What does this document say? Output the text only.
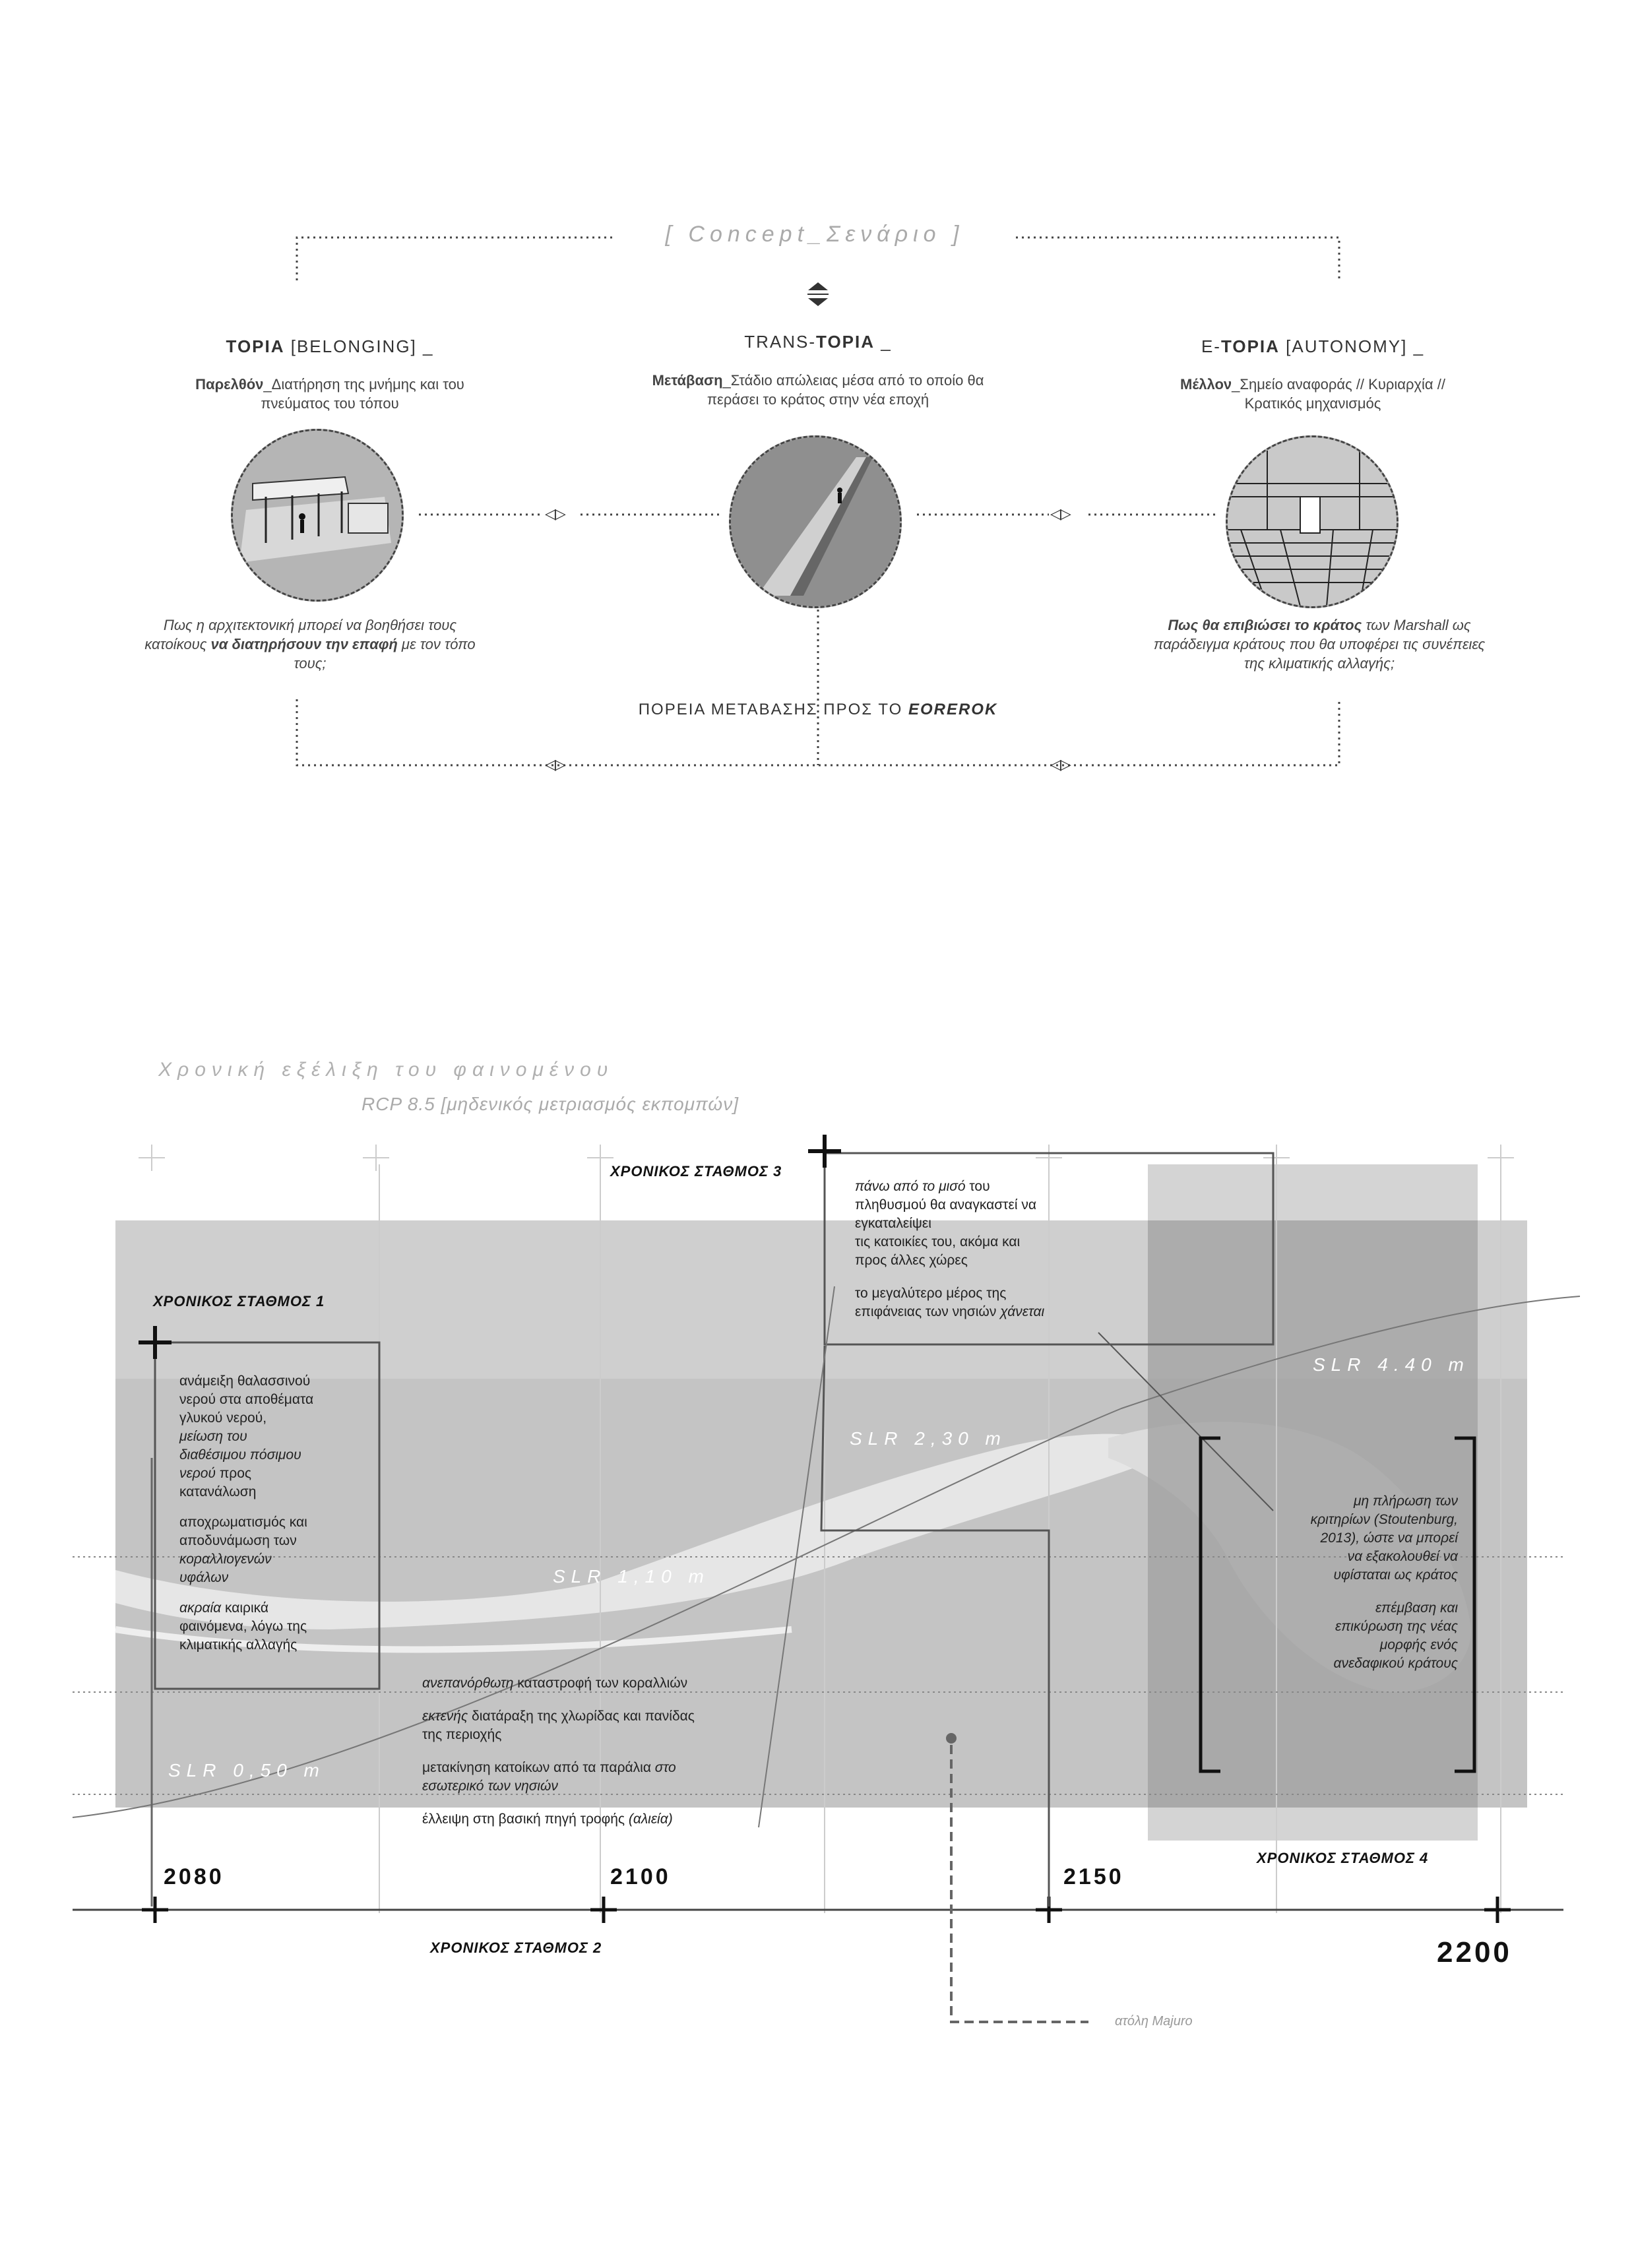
[ Concept_Σενάριο ]
◁▷	◁▷
◁▷	◁▷
TOPIA [BELONGING] _
Παρελθόν_Διατήρηση της μνήμης και του πνεύματος του τόπου
Πως η αρχιτεκτονική μπορεί να βοηθήσει τους κατοίκους να διατηρήσουν την επαφή με τον τόπο τους;
TRANS-TOPIA _
Μετάβαση_Στάδιο απώλειας μέσα από το οποίο θα περάσει το κράτος στην νέα εποχή
ΠΟΡΕΙΑ ΜΕΤΑΒΑΣΗΣ ΠΡΟΣ ΤΟ EORERΟK
E-TOPIA [AUTONOMY] _
Μέλλον_Σημείο αναφοράς // Κυριαρχία // Κρατικός μηχανισμός
Πως θα επιβιώσει το κράτος των Marshall ως παράδειγμα κράτους που θα υποφέρει τις συνέπειες της κλιματικής αλλαγής;
Χρονική εξέλιξη του φαινομένου
RCP 8.5 [μηδενικός μετριασμός εκπομπών]
ΧΡΟΝΙΚΟΣ ΣΤΑΘΜΟΣ 1
ΧΡΟΝΙΚΟΣ ΣΤΑΘΜΟΣ 2
ΧΡΟΝΙΚΟΣ ΣΤΑΘΜΟΣ 3
ΧΡΟΝΙΚΟΣ ΣΤΑΘΜΟΣ 4
SLR 0,50 m
SLR 1,10 m
SLR 2,30 m
SLR 4.40 m
2080	2100	2150
2200
ανάμειξη θαλασσινού
νερού στα αποθέματα
γλυκού νερού,
μείωση του
διαθέσιμου πόσιμου
νερού προς
κατανάλωση
αποχρωματισμός και
αποδυνάμωση των
κοραλλιογενών
υφάλων
ακραία καιρικά
φαινόμενα, λόγω της
κλιματικής αλλαγής
ανεπανόρθωτη καταστροφή των κοραλλιών
εκτενής διατάραξη της χλωρίδας και πανίδας
της περιοχής
μετακίνηση κατοίκων από τα παράλια στο
εσωτερικό των νησιών
έλλειψη στη βασική πηγή τροφής (αλιεία)
πάνω από το μισό του
πληθυσμού θα αναγκαστεί να
εγκαταλείψει
τις κατοικίες του, ακόμα και
προς άλλες χώρες
το μεγαλύτερο μέρος της
επιφάνειας των νησιών χάνεται
μη πλήρωση των
κριτηρίων (Stoutenburg,
2013), ώστε να μπορεί
να εξακολουθεί να
υφίσταται ως κράτος
επέμβαση και
επικύρωση της νέας
μορφής ενός
ανεδαφικού κράτους
ατόλη Majuro
